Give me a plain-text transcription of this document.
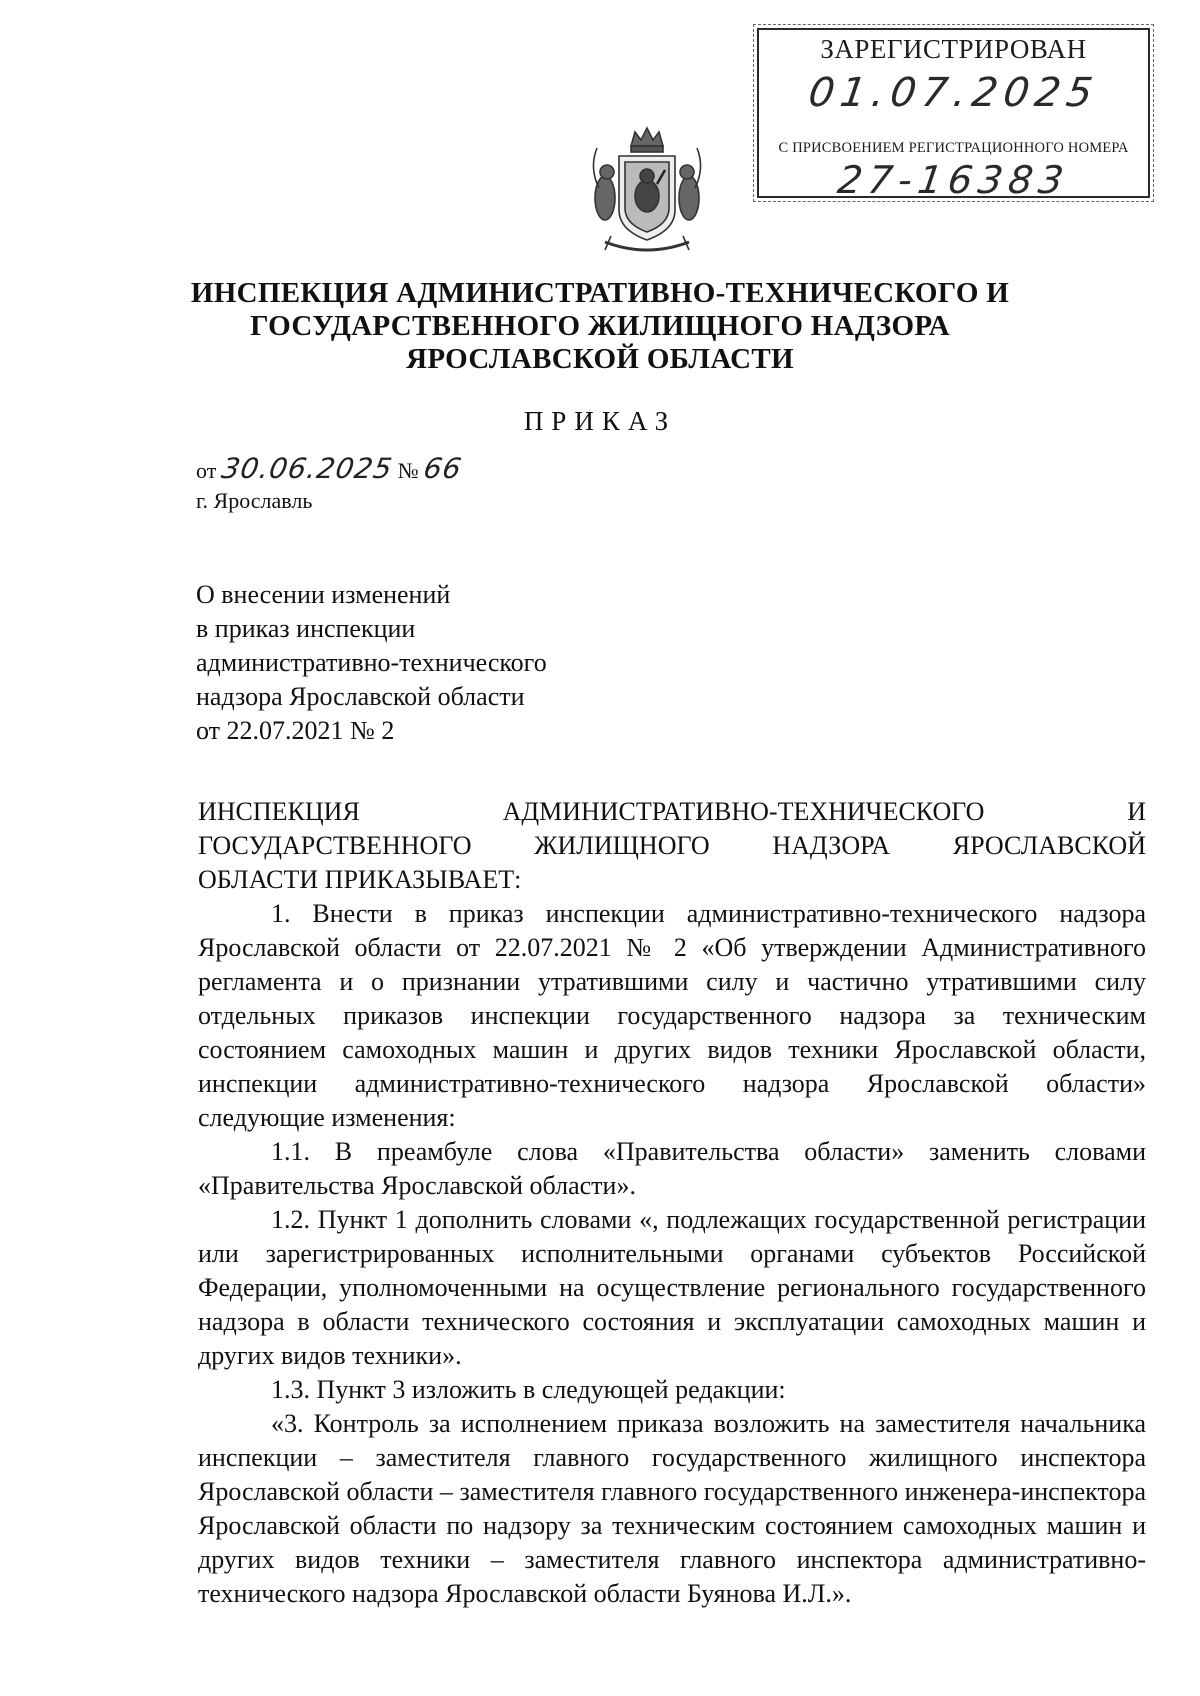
ЗАРЕГИСТРИРОВАН
01.07.2025
С ПРИСВОЕНИЕМ РЕГИСТРАЦИОННОГО НОМЕРА
27-16383
ИНСПЕКЦИЯ АДМИНИСТРАТИВНО-ТЕХНИЧЕСКОГО И
ГОСУДАРСТВЕННОГО ЖИЛИЩНОГО НАДЗОРА
ЯРОСЛАВСКОЙ ОБЛАСТИ
ПРИКАЗ
от 30.06.2025 № 66
г. Ярославль
О внесении изменений
в приказ инспекции
административно-технического
надзора Ярославской области
от 22.07.2021 № 2
ИНСПЕКЦИЯ	АДМИНИСТРАТИВНО-ТЕХНИЧЕСКОГО	И
ГОСУДАРСТВЕННОГО ЖИЛИЩНОГО НАДЗОРА ЯРОСЛАВСКОЙ

ОБЛАСТИ ПРИКАЗЫВАЕТ:

1. Внести в приказ инспекции административно-технического надзора Ярославской области от 22.07.2021 № 2 «Об утверждении Административного регламента и о признании утратившими силу и частично утратившими силу отдельных приказов инспекции государственного надзора за техническим состоянием самоходных машин и других видов техники Ярославской области, инспекции административно-технического надзора Ярославской области» следующие изменения:

1.1. В преамбуле слова «Правительства области» заменить словами «Правительства Ярославской области».

1.2. Пункт 1 дополнить словами «, подлежащих государственной регистрации или зарегистрированных исполнительными органами субъектов Российской Федерации, уполномоченными на осуществление регионального государственного надзора в области технического состояния и эксплуатации самоходных машин и других видов техники».

1.3. Пункт 3 изложить в следующей редакции:

«3. Контроль за исполнением приказа возложить на заместителя начальника инспекции – заместителя главного государственного жилищного инспектора Ярославской области – заместителя главного государственного инженера-инспектора Ярославской области по надзору за техническим состоянием самоходных машин и других видов техники – заместителя главного инспектора административно-технического надзора Ярославской области Буянова И.Л.».
